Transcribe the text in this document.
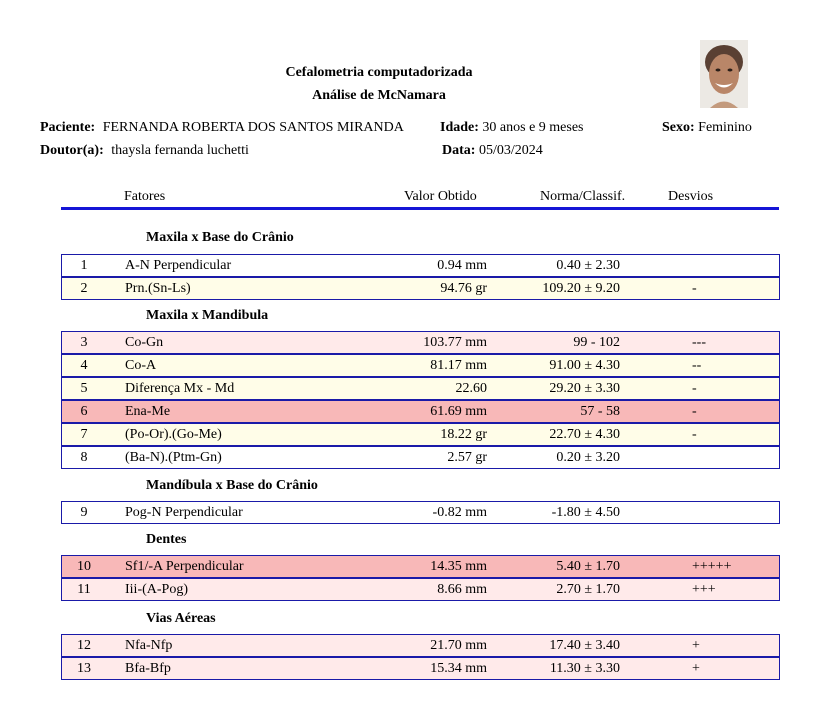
Cefalometria computadorizada
Análise de McNamara
Paciente: FERNANDA ROBERTA DOS SANTOS MIRANDA	Idade: 30 anos e 9 meses	Sexo: Feminino
Doutor(a): thaysla fernanda luchetti	Data: 05/03/2024
Fatores	Valor Obtido	Norma/Classif.	Desvios
Maxila x Base do Crânio
Maxila x Mandibula
Mandíbula x Base do Crânio
Dentes
Vias Aéreas
1	A-N Perpendicular	0.94 mm	0.40 ± 2.30
2	Prn.(Sn-Ls)	94.76 gr	109.20 ± 9.20	-
3	Co-Gn	103.77 mm	99 - 102	---
4	Co-A	81.17 mm	91.00 ± 4.30	--
5	Diferença Mx - Md	22.60	29.20 ± 3.30	-
6	Ena-Me	61.69 mm	57 - 58	-
7	(Po-Or).(Go-Me)	18.22 gr	22.70 ± 4.30	-
8	(Ba-N).(Ptm-Gn)	2.57 gr	0.20 ± 3.20
9	Pog-N Perpendicular	-0.82 mm	-1.80 ± 4.50
10	Sf1/-A Perpendicular	14.35 mm	5.40 ± 1.70	+++++
11	Iii-(A-Pog)	8.66 mm	2.70 ± 1.70	+++
12	Nfa-Nfp	21.70 mm	17.40 ± 3.40	+
13	Bfa-Bfp	15.34 mm	11.30 ± 3.30	+
